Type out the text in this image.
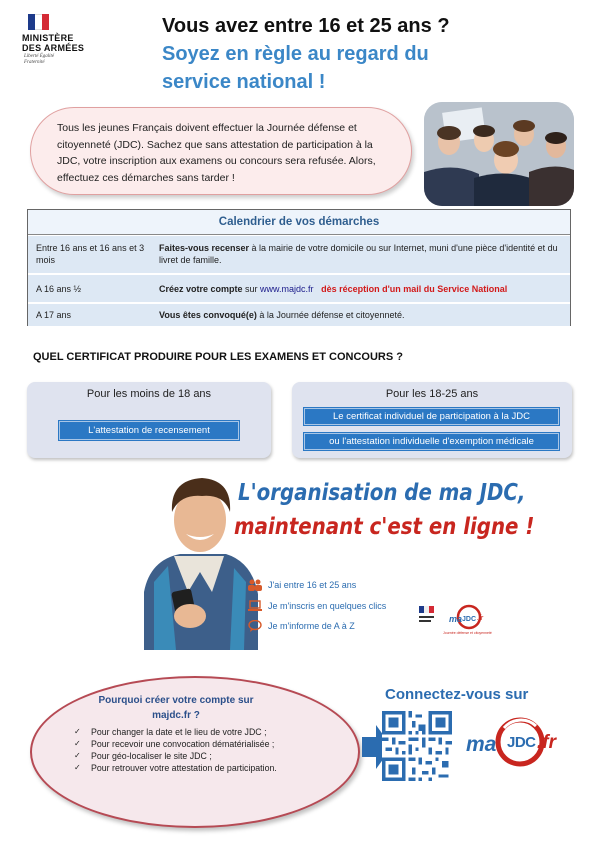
MINISTÈRE
DES ARMÉES
Liberté Égalité Fraternité
Vous avez entre 16 et 25 ans ?
Soyez en règle au regard du service national !
Tous les jeunes Français doivent effectuer la Journée défense et citoyenneté (JDC). Sachez que sans attestation de participation à la JDC, votre inscription aux examens ou concours sera refusée. Alors, effectuez ces démarches sans tarder !
Calendrier de vos démarches
Entre 16 ans et 16 ans et 3 mois
Faites-vous recenser à la mairie de votre domicile ou sur Internet, muni d'une pièce d'identité et du livret de famille.
A 16 ans ½	Créez votre compte sur www.majdc.fr dès réception d'un mail du Service National
A 17 ans	Vous êtes convoqué(e) à la Journée défense et citoyenneté.
QUEL CERTIFICAT PRODUIRE POUR LES EXAMENS ET CONCOURS ?
Pour les moins de 18 ans
L'attestation de recensement
Pour les 18-25 ans
Le certificat individuel de participation à la JDC
ou l'attestation individuelle d'exemption médicale
L'organisation de ma JDC,
maintenant c'est en ligne !
J'ai entre 16 et 25 ans
Je m'inscris en quelques clics
Je m'informe de A à Z
ma JDC .fr
Journée défense et citoyenneté
Pourquoi créer votre compte sur majdc.fr ?
✓ Pour changer la date et le lieu de votre JDC ;
✓ Pour recevoir une convocation dématérialisée ;
✓ Pour géo-localiser le site JDC ;
✓ Pour retrouver votre attestation de participation.
Connectez-vous sur
ma JDC .fr
